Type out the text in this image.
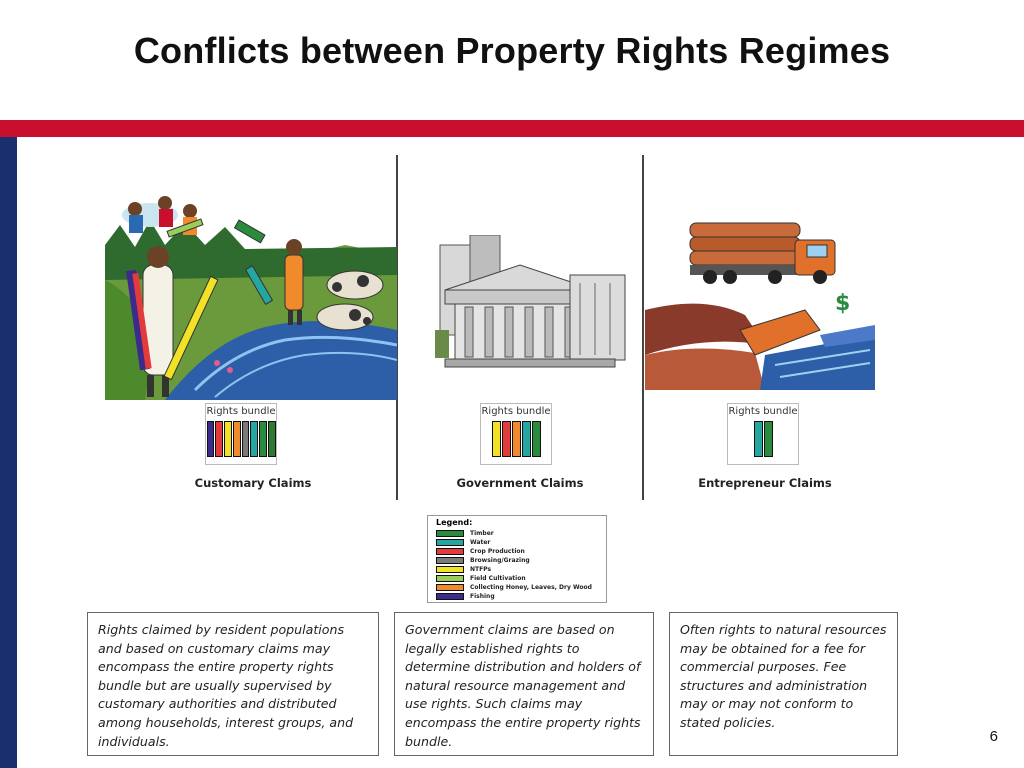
Conflicts between Property Rights Regimes
$
Rights bundle	Rights bundle	Rights bundle
Customary Claims	Government Claims	Entrepreneur Claims
Legend:
Timber
Water
Crop Production
Browsing/Grazing
NTFPs
Field Cultivation
Collecting Honey, Leaves, Dry Wood
Fishing
Rights claimed by resident populations and based on customary claims may encompass the entire property rights bundle but are usually supervised by customary authorities and distributed among households, interest groups, and individuals.
Government claims are based on legally established rights to determine distribution and holders of natural resource management and use rights. Such claims may encompass the entire property rights bundle.
Often rights to natural resources may be obtained for a fee for commercial purposes. Fee structures and administration may or may not conform to stated policies.
6
